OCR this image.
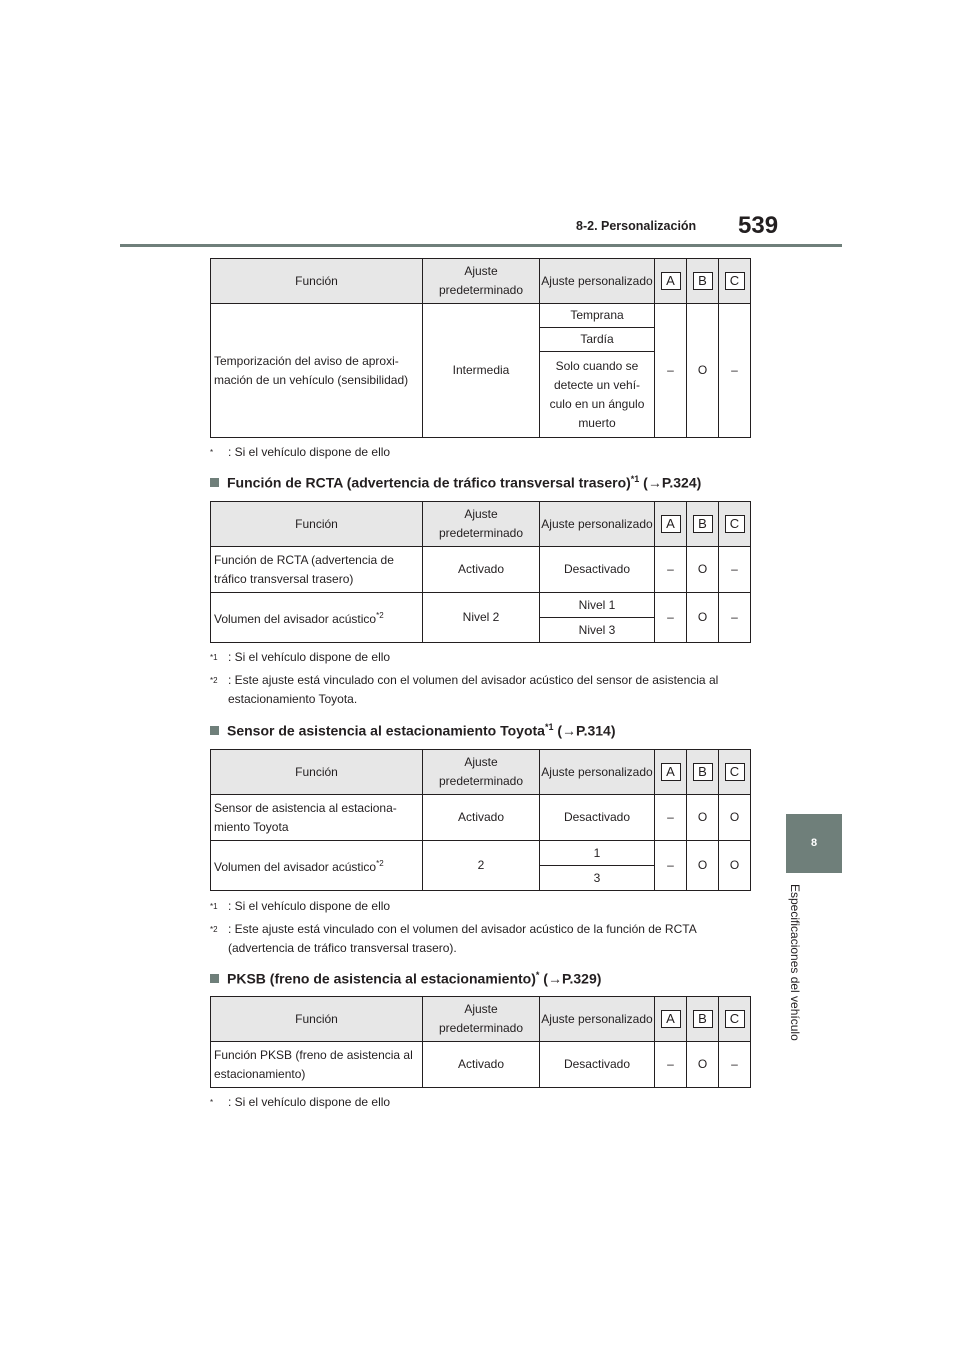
8-2. Personalización 539
8
Especificaciones del vehículo
Función	Ajuste predeterminado	Ajuste personalizado	A	B	C
Temporización del aviso de aproxi-mación de un vehículo (sensibilidad)	Intermedia	Temprana	–	O	–
		Tardía			
		Solo cuando se detecte un vehí-culo en un ángulo muerto			
* : Si el vehículo dispone de ello
Función de RCTA (advertencia de tráfico transversal trasero)$^{*1}$ (→P.324)
Función	Ajuste predeterminado	Ajuste personalizado	A	B	C
Función de RCTA (advertencia de tráfico transversal trasero)	Activado	Desactivado	–	O	–
Volumen del avisador acústico$^{*2}$	Nivel 2	Nivel 1	–	O	–
		Nivel 3			
$^{*1}$ : Si el vehículo dispone de ello
$^{*2}$ : Este ajuste está vinculado con el volumen del avisador acústico del sensor de asistencia al
estacionamiento Toyota.
Sensor de asistencia al estacionamiento Toyota$^{*1}$ (→P.314)
Función	Ajuste predeterminado	Ajuste personalizado	A	B	C
Sensor de asistencia al estaciona-miento Toyota	Activado	Desactivado	–	O	O
Volumen del avisador acústico$^{*2}$	2	1	–	O	O
		3			
$^{*1}$ : Si el vehículo dispone de ello
$^{*2}$ : Este ajuste está vinculado con el volumen del avisador acústico de la función de RCTA
(advertencia de tráfico transversal trasero).
PKSB (freno de asistencia al estacionamiento)* (→P.329)
Función	Ajuste predeterminado	Ajuste personalizado	A	B	C
Función PKSB (freno de asistencia al estacionamiento)	Activado	Desactivado	–	O	–
* : Si el vehículo dispone de ello
